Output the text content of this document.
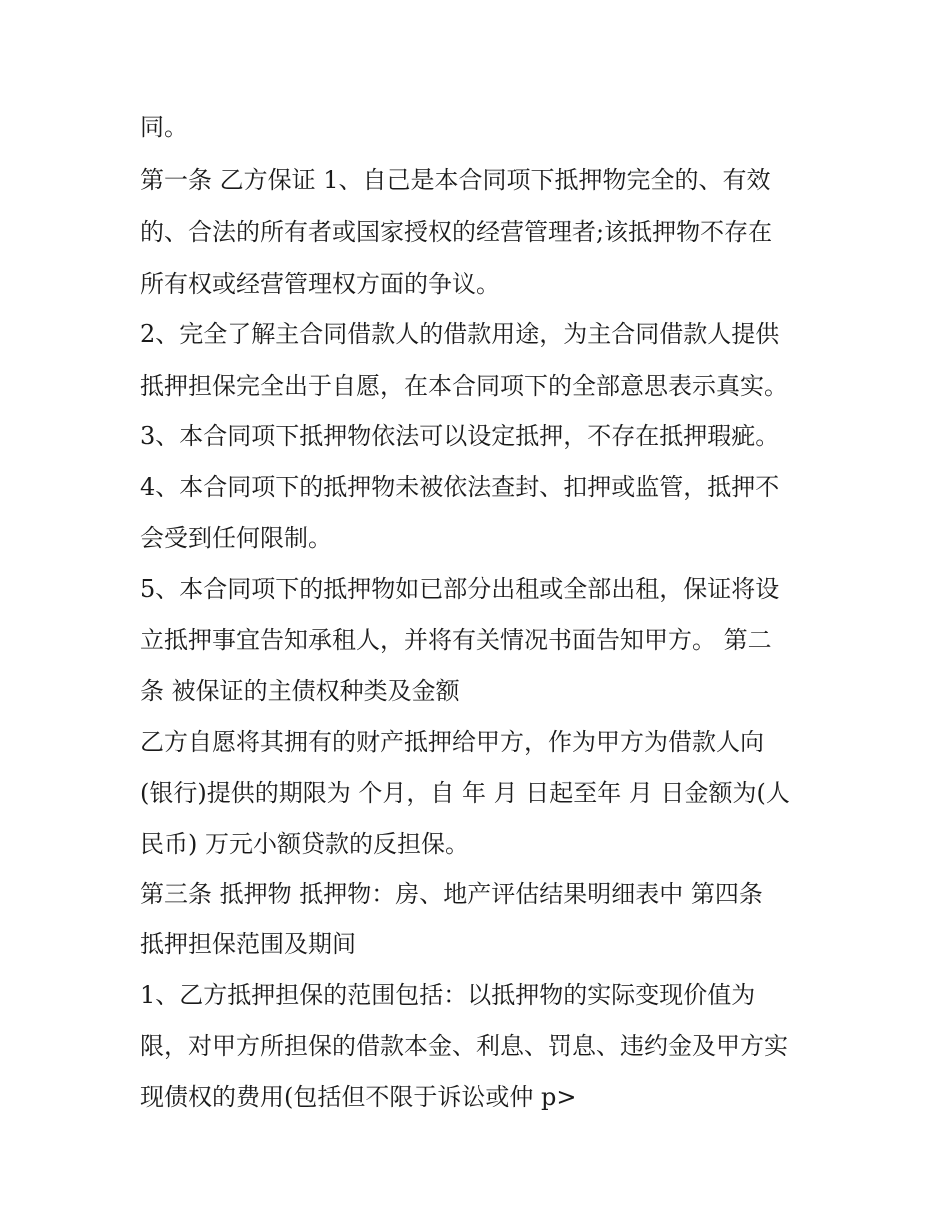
同。
第一条 乙方保证 1、自己是本合同项下抵押物完全的、有效
的、合法的所有者或国家授权的经营管理者;该抵押物不存在
所有权或经营管理权方面的争议。
2、完全了解主合同借款人的借款用途，为主合同借款人提供
抵押担保完全出于自愿，在本合同项下的全部意思表示真实。
3、本合同项下抵押物依法可以设定抵押，不存在抵押瑕疵。
4、本合同项下的抵押物未被依法查封、扣押或监管，抵押不
会受到任何限制。
5、本合同项下的抵押物如已部分出租或全部出租，保证将设
立抵押事宜告知承租人，并将有关情况书面告知甲方。 第二
条 被保证的主债权种类及金额
乙方自愿将其拥有的财产抵押给甲方，作为甲方为借款人向
(银行)提供的期限为 个月，自 年 月 日起至年 月 日金额为(人
民币) 万元小额贷款的反担保。
第三条 抵押物 抵押物：房、地产评估结果明细表中 第四条
抵押担保范围及期间
1、乙方抵押担保的范围包括：以抵押物的实际变现价值为
限，对甲方所担保的借款本金、利息、罚息、违约金及甲方实
现债权的费用(包括但不限于诉讼或仲 p>
